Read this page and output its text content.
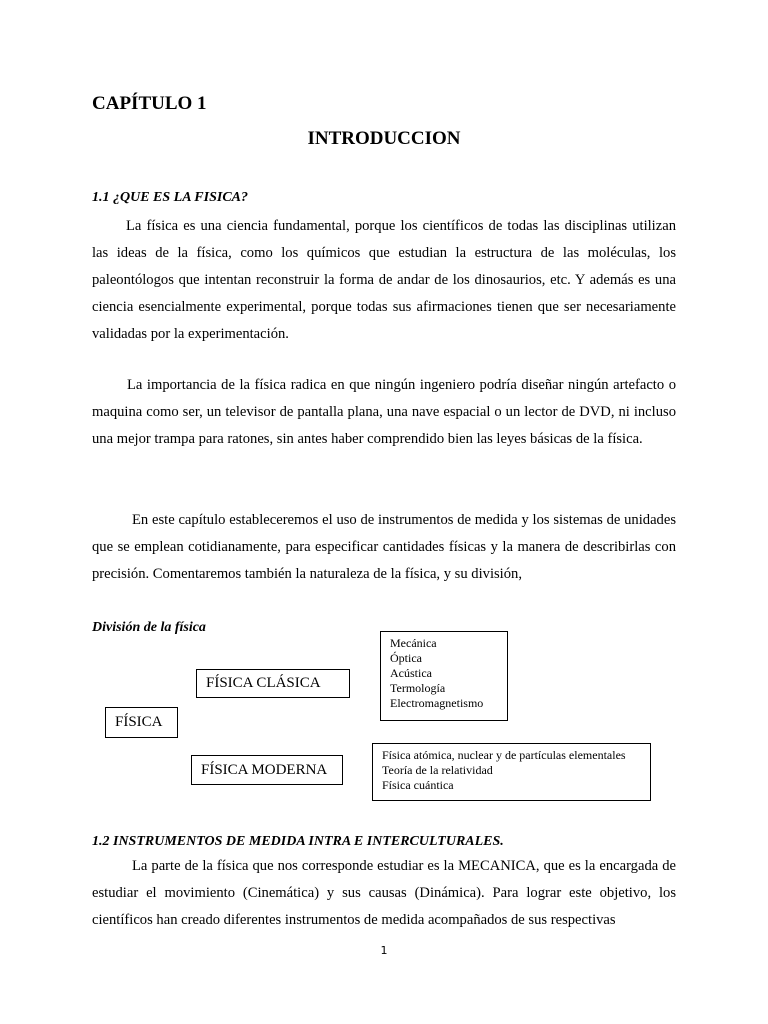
CAPÍTULO 1
INTRODUCCION

1.1 ¿QUE ES LA FISICA?

La física es una ciencia fundamental, porque los científicos de todas las disciplinas utilizan las ideas de la física, como los químicos que estudian la estructura de las moléculas, los paleontólogos que intentan reconstruir la forma de andar de los dinosaurios, etc. Y además es una ciencia esencialmente experimental, porque todas sus afirmaciones tienen que ser necesariamente validadas por la experimentación.

La importancia de la física radica en que ningún ingeniero podría diseñar ningún artefacto o maquina como ser, un televisor de pantalla plana, una nave espacial o un lector de DVD, ni incluso una mejor trampa para ratones, sin antes haber comprendido bien las leyes básicas de la física.

En este capítulo estableceremos el uso de instrumentos de medida y los sistemas de unidades que se emplean cotidianamente, para especificar cantidades físicas y la manera de describirlas con precisión. Comentaremos también la naturaleza de la física, y su división,

División de la física

FÍSICA
FÍSICA CLÁSICA
Mecánica
Óptica
Acústica
Termología
Electromagnetismo
FÍSICA MODERNA
Física atómica, nuclear y de partículas elementales
Teoría de la relatividad
Física cuántica

1.2 INSTRUMENTOS DE MEDIDA INTRA E INTERCULTURALES.

La parte de la física que nos corresponde estudiar es la MECANICA, que es la encargada de estudiar el movimiento (Cinemática) y sus causas (Dinámica). Para lograr este objetivo, los científicos han creado diferentes instrumentos de medida acompañados de sus respectivas

1
